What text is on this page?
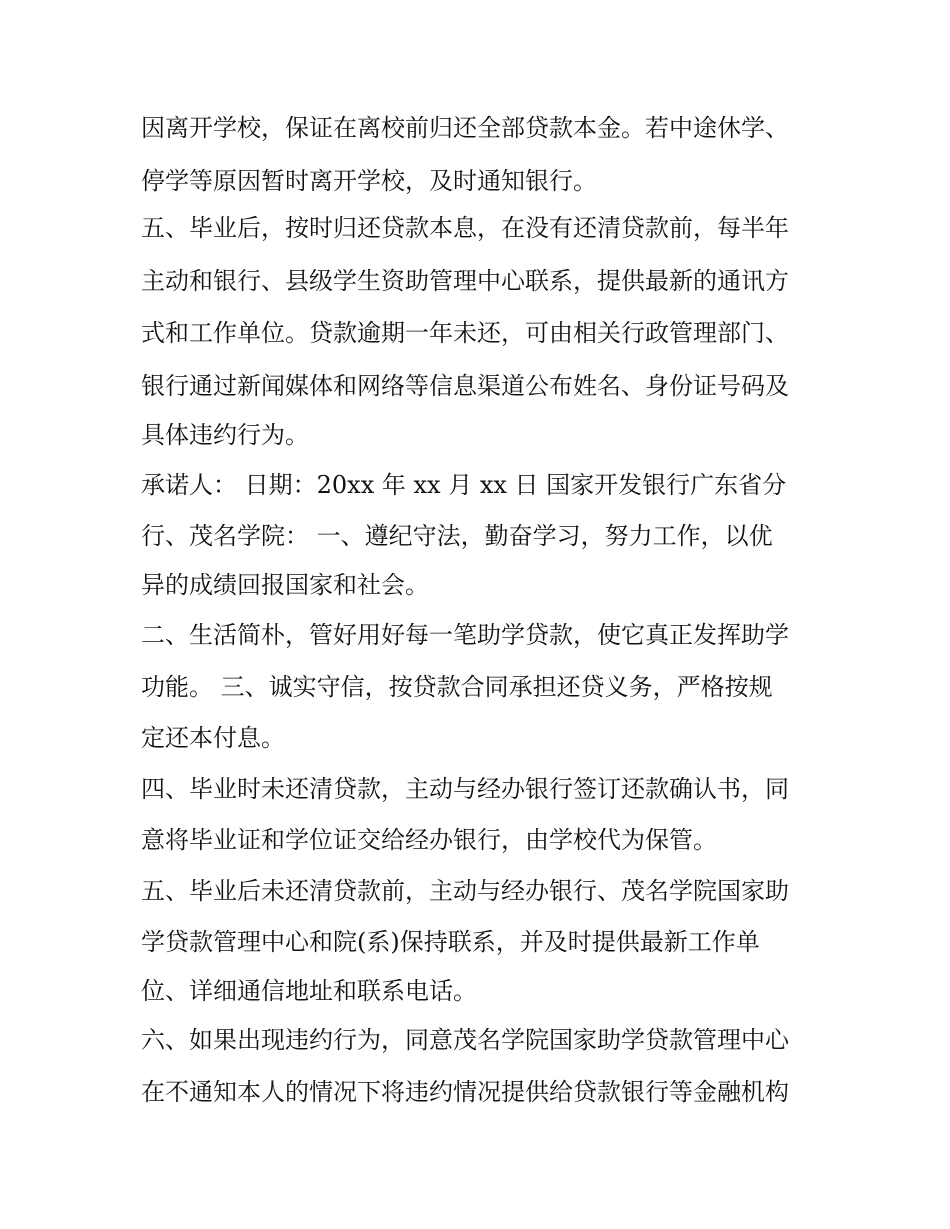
因离开学校，保证在离校前归还全部贷款本金。若中途休学、
停学等原因暂时离开学校，及时通知银行。
五、毕业后，按时归还贷款本息，在没有还清贷款前，每半年
主动和银行、县级学生资助管理中心联系，提供最新的通讯方
式和工作单位。贷款逾期一年未还，可由相关行政管理部门、
银行通过新闻媒体和网络等信息渠道公布姓名、身份证号码及
具体违约行为。
承诺人： 日期：20xx 年 xx 月 xx 日 国家开发银行广东省分
行、茂名学院： 一、遵纪守法，勤奋学习，努力工作，以优
异的成绩回报国家和社会。
二、生活简朴，管好用好每一笔助学贷款，使它真正发挥助学
功能。 三、诚实守信，按贷款合同承担还贷义务，严格按规
定还本付息。
四、毕业时未还清贷款，主动与经办银行签订还款确认书，同
意将毕业证和学位证交给经办银行，由学校代为保管。
五、毕业后未还清贷款前，主动与经办银行、茂名学院国家助
学贷款管理中心和院(系)保持联系，并及时提供最新工作单
位、详细通信地址和联系电话。
六、如果出现违约行为，同意茂名学院国家助学贷款管理中心
在不通知本人的情况下将违约情况提供给贷款银行等金融机构
